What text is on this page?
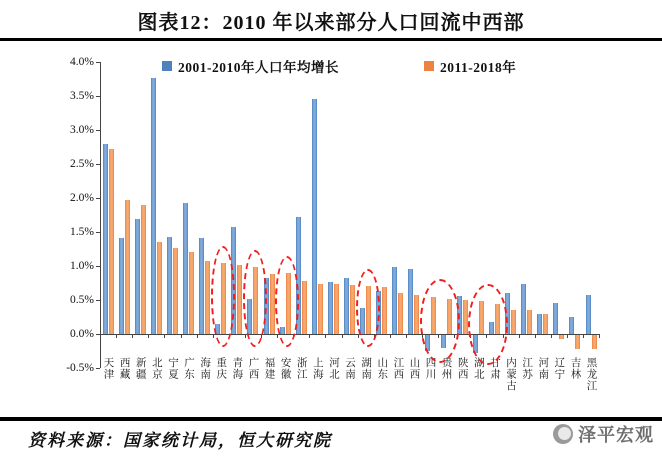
图表12：2010 年以来部分人口回流中西部
2001-2010年人口年均增长	2011-2018年
4.0%
3.5%
3.0%
2.5%
2.0%
1.5%
1.0%
0.5%
0.0%
-0.5% 天津 西藏 新疆 北京 宁夏 广东 海南 重庆 青海 广西 福建 安徽 浙江 上海 河北 云南 湖南 山东 江西 山西 四川 贵州 陕西 湖北 甘肃 内蒙古 江苏 河南 辽宁 吉林 黑龙江
资料来源：国家统计局，恒大研究院	泽平宏观
